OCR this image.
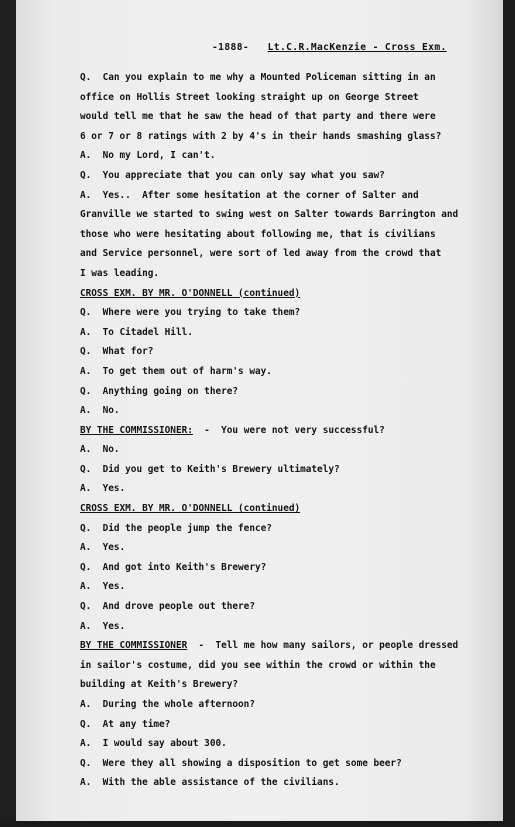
-1888- Lt.C.R.MacKenzie - Cross Exm.
Q.  Can you explain to me why a Mounted Policeman sitting in an
office on Hollis Street looking straight up on George Street
would tell me that he saw the head of that party and there were
6 or 7 or 8 ratings with 2 by 4's in their hands smashing glass?
A.  No my Lord, I can't.
Q.  You appreciate that you can only say what you saw?
A.  Yes..  After some hesitation at the corner of Salter and
Granville we started to swing west on Salter towards Barrington and
those who were hesitating about following me, that is civilians
and Service personnel, were sort of led away from the crowd that
I was leading.
CROSS EXM. BY MR. O'DONNELL (continued)
Q.  Where were you trying to take them?
A.  To Citadel Hill.
Q.  What for?
A.  To get them out of harm's way.
Q.  Anything going on there?
A.  No.
BY THE COMMISSIONER:  -  You were not very successful?
A.  No.
Q.  Did you get to Keith's Brewery ultimately?
A.  Yes.
CROSS EXM. BY MR. O'DONNELL (continued)
Q.  Did the people jump the fence?
A.  Yes.
Q.  And got into Keith's Brewery?
A.  Yes.
Q.  And drove people out there?
A.  Yes.
BY THE COMMISSIONER  -  Tell me how many sailors, or people dressed
in sailor's costume, did you see within the crowd or within the
building at Keith's Brewery?
A.  During the whole afternoon?
Q.  At any time?
A.  I would say about 300.
Q.  Were they all showing a disposition to get some beer?
A.  With the able assistance of the civilians.
